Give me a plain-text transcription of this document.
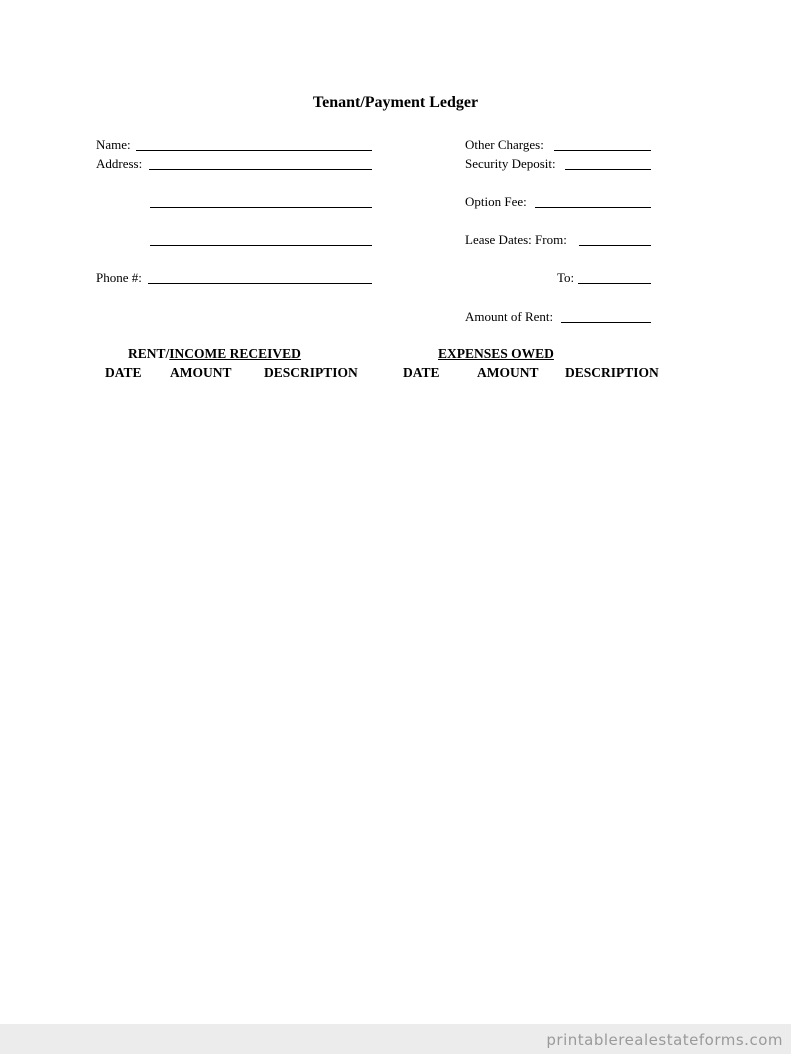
Tenant/Payment Ledger
Name:
Address:
Phone #:
Other Charges:
Security Deposit:
Option Fee:
Lease Dates: From:
To:
Amount of Rent:
RENT/INCOME RECEIVED	EXPENSES OWED
DATE AMOUNT DESCRIPTION	DATE	AMOUNT DESCRIPTION
printablerealestateforms.com
